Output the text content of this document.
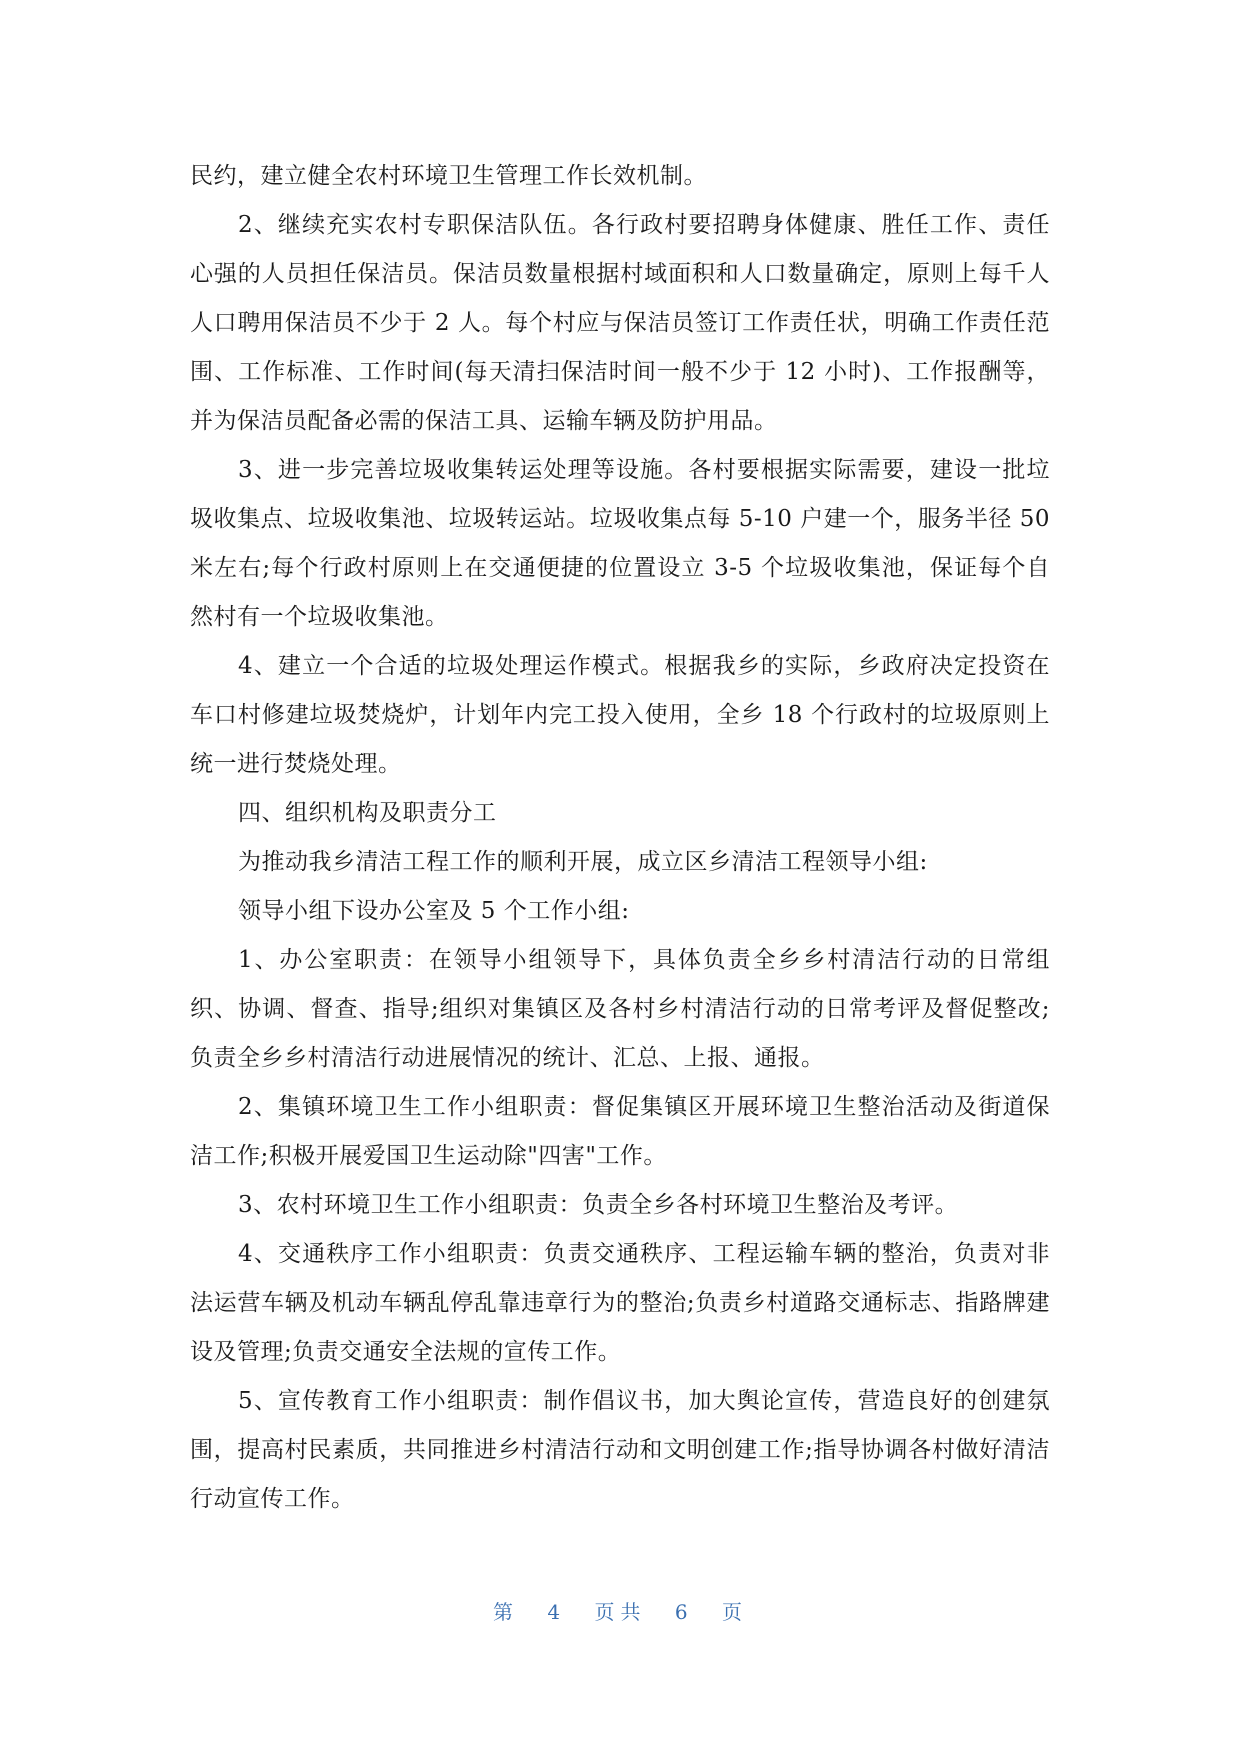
民约，建立健全农村环境卫生管理工作长效机制。

2、继续充实农村专职保洁队伍。各行政村要招聘身体健康、胜任工作、责任心强的人员担任保洁员。保洁员数量根据村域面积和人口数量确定，原则上每千人人口聘用保洁员不少于 2 人。每个村应与保洁员签订工作责任状，明确工作责任范围、工作标准、工作时间(每天清扫保洁时间一般不少于 12 小时)、工作报酬等，并为保洁员配备必需的保洁工具、运输车辆及防护用品。

3、进一步完善垃圾收集转运处理等设施。各村要根据实际需要，建设一批垃圾收集点、垃圾收集池、垃圾转运站。垃圾收集点每 5-10 户建一个，服务半径 50 米左右;每个行政村原则上在交通便捷的位置设立 3-5 个垃圾收集池，保证每个自然村有一个垃圾收集池。

4、建立一个合适的垃圾处理运作模式。根据我乡的实际，乡政府决定投资在车口村修建垃圾焚烧炉，计划年内完工投入使用，全乡 18 个行政村的垃圾原则上统一进行焚烧处理。

四、组织机构及职责分工

为推动我乡清洁工程工作的顺利开展，成立区乡清洁工程领导小组:

领导小组下设办公室及 5 个工作小组:

1、办公室职责：在领导小组领导下，具体负责全乡乡村清洁行动的日常组织、协调、督查、指导;组织对集镇区及各村乡村清洁行动的日常考评及督促整改;负责全乡乡村清洁行动进展情况的统计、汇总、上报、通报。

2、集镇环境卫生工作小组职责：督促集镇区开展环境卫生整治活动及街道保洁工作;积极开展爱国卫生运动除"四害"工作。

3、农村环境卫生工作小组职责：负责全乡各村环境卫生整治及考评。

4、交通秩序工作小组职责：负责交通秩序、工程运输车辆的整治，负责对非法运营车辆及机动车辆乱停乱靠违章行为的整治;负责乡村道路交通标志、指路牌建设及管理;负责交通安全法规的宣传工作。

5、宣传教育工作小组职责：制作倡议书，加大舆论宣传，营造良好的创建氛围，提高村民素质，共同推进乡村清洁行动和文明创建工作;指导协调各村做好清洁行动宣传工作。

第 4 页共 6 页
